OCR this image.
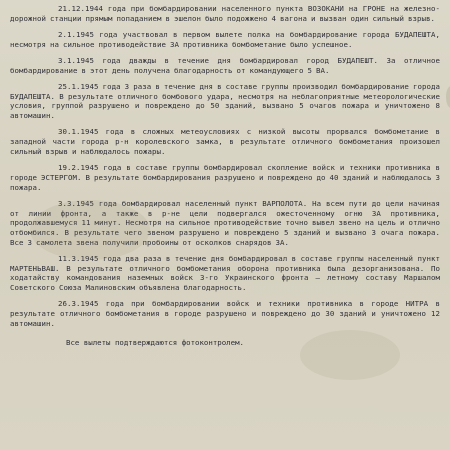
21.12.1944 года при бомбардировании населенного пункта ВОЗОКАНИ на ГРОНЕ на железно-дорожной станции прямым попаданием в эшелон было подожжено 4 вагона и вызван один сильный взрыв.

2.1.1945 года участвовал в первом вылете полка на бомбардирование города БУДАПЕШТА, несмотря на сильное противодействие ЗА противника бомбометание было успешное.

3.1.1945 года дважды в течение дня бомбардировал город БУДАПЕШТ. За отличное бомбардирование в этот день получена благодарность от командующего 5 ВА.

25.1.1945 года 3 раза в течение дня в составе группы производил бомбардирование города БУДАПЕШТА. В результате отличного бомбового удара, несмотря на неблагоприятные метеорологические условия, группой разрушено и повреждено до 50 зданий, вызвано 5 очагов пожара и уничтожено 8 автомашин.

30.1.1945 года в сложных метеоусловиях с низкой высоты прорвался бомбометание в западной части города р-н королевского замка, в результате отличного бомбометания произошел сильный взрыв и наблюдалось пожары.

19.2.1945 года в составе группы бомбардировал скопление войск и техники противника в городе ЭСТЕРГОМ. В результате бомбардирования разрушено и повреждено до 40 зданий и наблюдалось 3 пожара.

3.3.1945 года бомбардировал населенный пункт ВАРПОЛОТА. На всем пути до цели начиная от линии фронта, а также в р-не цели подвергался ожесточенному огню ЗА противника, продолжавшемуся 11 минут. Несмотря на сильное противодействие точно вывел звено на цель и отлично отбомбился. В результате чего звеном разрушено и повреждено 5 зданий и вызвано 3 очага пожара. Все 3 самолета звена получили пробоины от осколков снарядов ЗА.

11.3.1945 года два раза в течение дня бомбардировал в составе группы населенный пункт МАРТЕНЬВАШ. В результате отличного бомбометания оборона противника была дезорганизована. По ходатайству командования наземных войск 3-го Украинского фронта – летному составу Маршалом Советского Союза Малиновским объявлена благодарность.

26.3.1945 года при бомбардировании войск и техники противника в городе НИТРА в результате отличного бомбометания в городе разрушено и повреждено до 30 зданий и уничтожено 12 автомашин.

Все вылеты подтверждаются фотоконтролем.
